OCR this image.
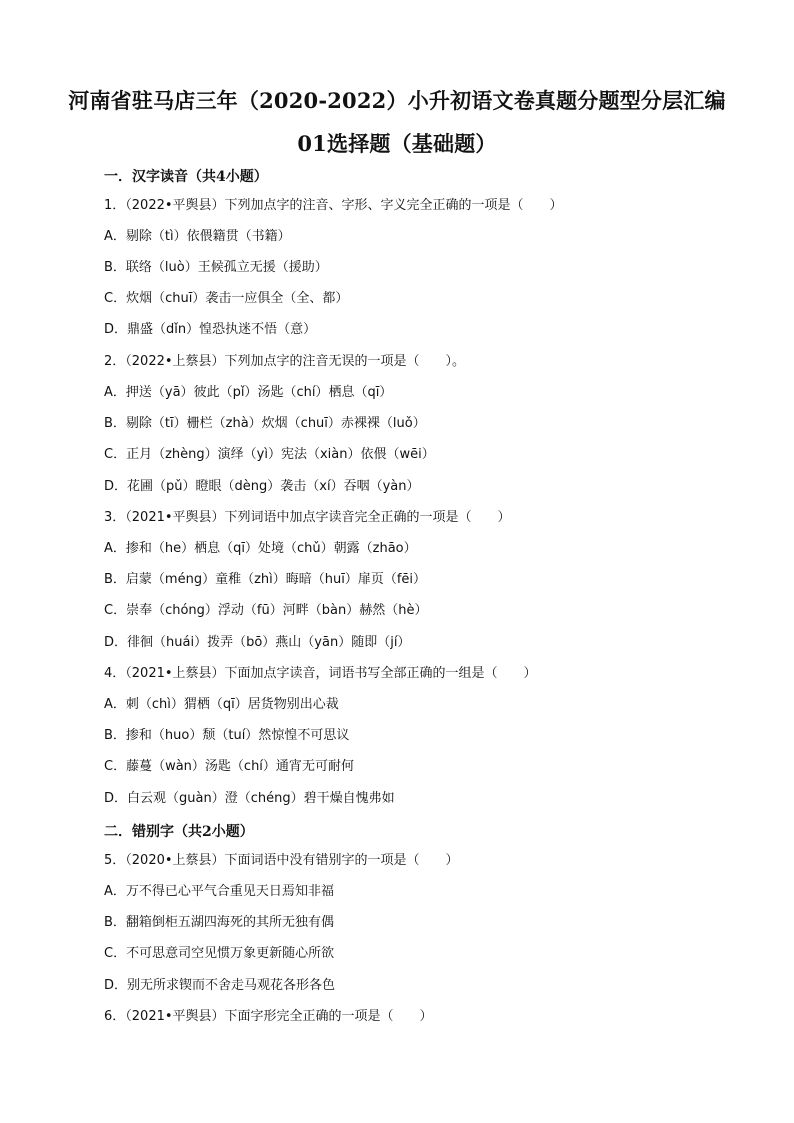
河南省驻马店三年（2020-2022）小升初语文卷真题分题型分层汇编
01选择题（基础题）
一．汉字读音（共4小题）
1．（2022•平舆县）下列加点字的注音、字形、字义完全正确的一项是（　　）
A．剔除（tì）依偎籍贯（书籍）
B．联络（luò）王候孤立无援（援助）
C．炊烟（chuī）袭击一应俱全（全、都）
D．鼎盛（dǐn）惶恐执迷不悟（意）
2．（2022•上蔡县）下列加点字的注音无误的一项是（　　）。
A．押送（yā）彼此（pǐ）汤匙（chí）栖息（qī）
B．剔除（tī）栅栏（zhà）炊烟（chuī）赤裸裸（luǒ）
C．正月（zhèng）演绎（yì）宪法（xiàn）依偎（wēi）
D．花圃（pǔ）瞪眼（dèng）袭击（xí）吞咽（yàn）
3．（2021•平舆县）下列词语中加点字读音完全正确的一项是（　　）
A．掺和（he）栖息（qī）处境（chǔ）朝露（zhāo）
B．启蒙（méng）童稚（zhì）晦暗（huī）扉页（fēi）
C．崇奉（chóng）浮动（fū）河畔（bàn）赫然（hè）
D．徘徊（huái）拨弄（bō）燕山（yān）随即（jí）
4．（2021•上蔡县）下面加点字读音，词语书写全部正确的一组是（　　）
A．刺（chì）猬栖（qī）居货物别出心裁
B．掺和（huo）颓（tuí）然惊惶不可思议
C．藤蔓（wàn）汤匙（chí）通宵无可耐何
D．白云观（guàn）澄（chéng）碧干燥自愧弗如
二．错别字（共2小题）
5．（2020•上蔡县）下面词语中没有错别字的一项是（　　）
A．万不得已心平气合重见天日焉知非福
B．翻箱倒柜五湖四海死的其所无独有偶
C．不可思意司空见惯万象更新随心所欲
D．别无所求锲而不舍走马观花各形各色
6．（2021•平舆县）下面字形完全正确的一项是（　　）
